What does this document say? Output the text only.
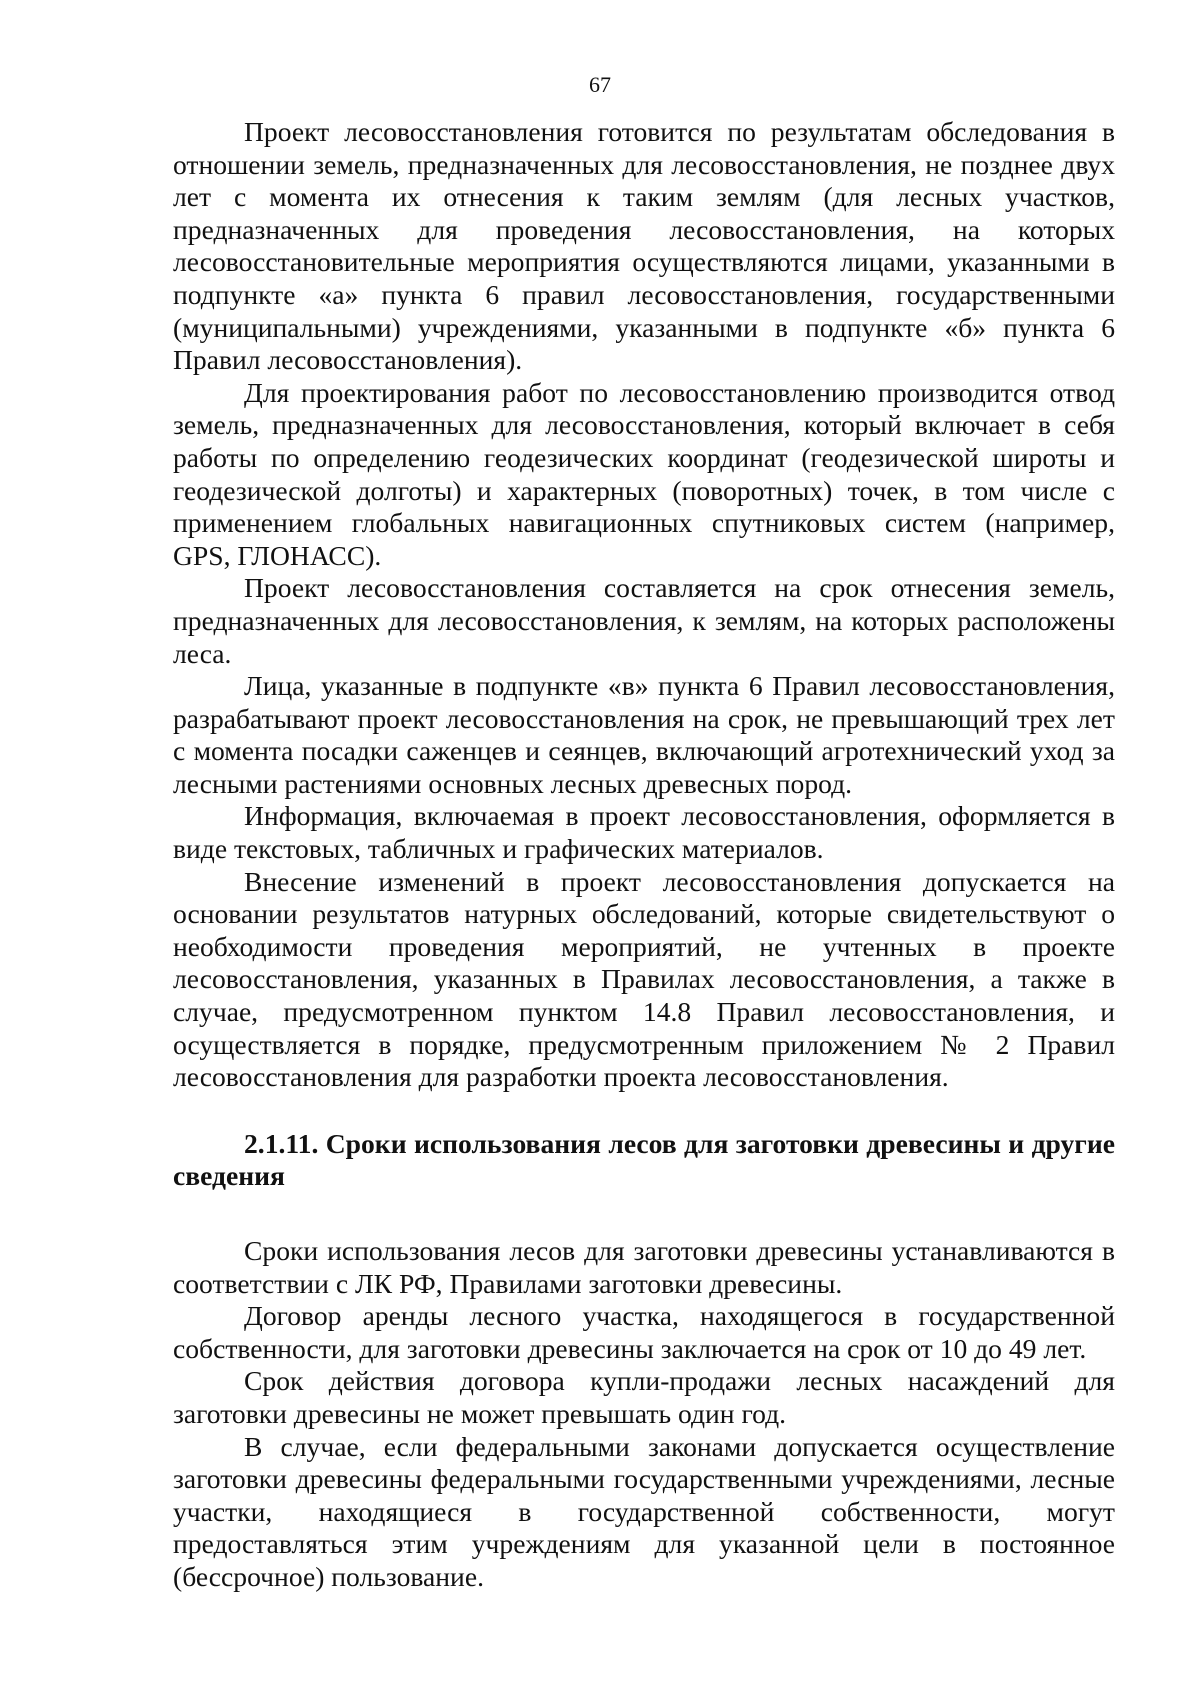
67

Проект лесовосстановления готовится по результатам обследования в отношении земель, предназначенных для лесовосстановления, не позднее двух лет с момента их отнесения к таким землям (для лесных участков, предназначенных для проведения лесовосстановления, на которых лесовосстановительные мероприятия осуществляются лицами, указанными в подпункте «а» пункта 6 правил лесовосстановления, государственными (муниципальными) учреждениями, указанными в подпункте «б» пункта 6 Правил лесовосстановления).

Для проектирования работ по лесовосстановлению производится отвод земель, предназначенных для лесовосстановления, который включает в себя работы по определению геодезических координат (геодезической широты и геодезической долготы) и характерных (поворотных) точек, в том числе с применением глобальных навигационных спутниковых систем (например, GPS, ГЛОНАСС).

Проект лесовосстановления составляется на срок отнесения земель, предназначенных для лесовосстановления, к землям, на которых расположены леса.

Лица, указанные в подпункте «в» пункта 6 Правил лесовосстановления, разрабатывают проект лесовосстановления на срок, не превышающий трех лет с момента посадки саженцев и сеянцев, включающий агротехнический уход за лесными растениями основных лесных древесных пород.

Информация, включаемая в проект лесовосстановления, оформляется в виде текстовых, табличных и графических материалов.

Внесение изменений в проект лесовосстановления допускается на основании результатов натурных обследований, которые свидетельствуют о необходимости проведения мероприятий, не учтенных в проекте лесовосстановления, указанных в Правилах лесовосстановления, а также в случае, предусмотренном пунктом 14.8 Правил лесовосстановления, и осуществляется в порядке, предусмотренным приложением № 2 Правил лесовосстановления для разработки проекта лесовосстановления.

2.1.11. Сроки использования лесов для заготовки древесины и другие сведения

Сроки использования лесов для заготовки древесины устанавливаются в соответствии с ЛК РФ, Правилами заготовки древесины.

Договор аренды лесного участка, находящегося в государственной собственности, для заготовки древесины заключается на срок от 10 до 49 лет.

Срок действия договора купли-продажи лесных насаждений для заготовки древесины не может превышать один год.

В случае, если федеральными законами допускается осуществление заготовки древесины федеральными государственными учреждениями, лесные участки, находящиеся в государственной собственности, могут предоставляться этим учреждениям для указанной цели в постоянное (бессрочное) пользование.
